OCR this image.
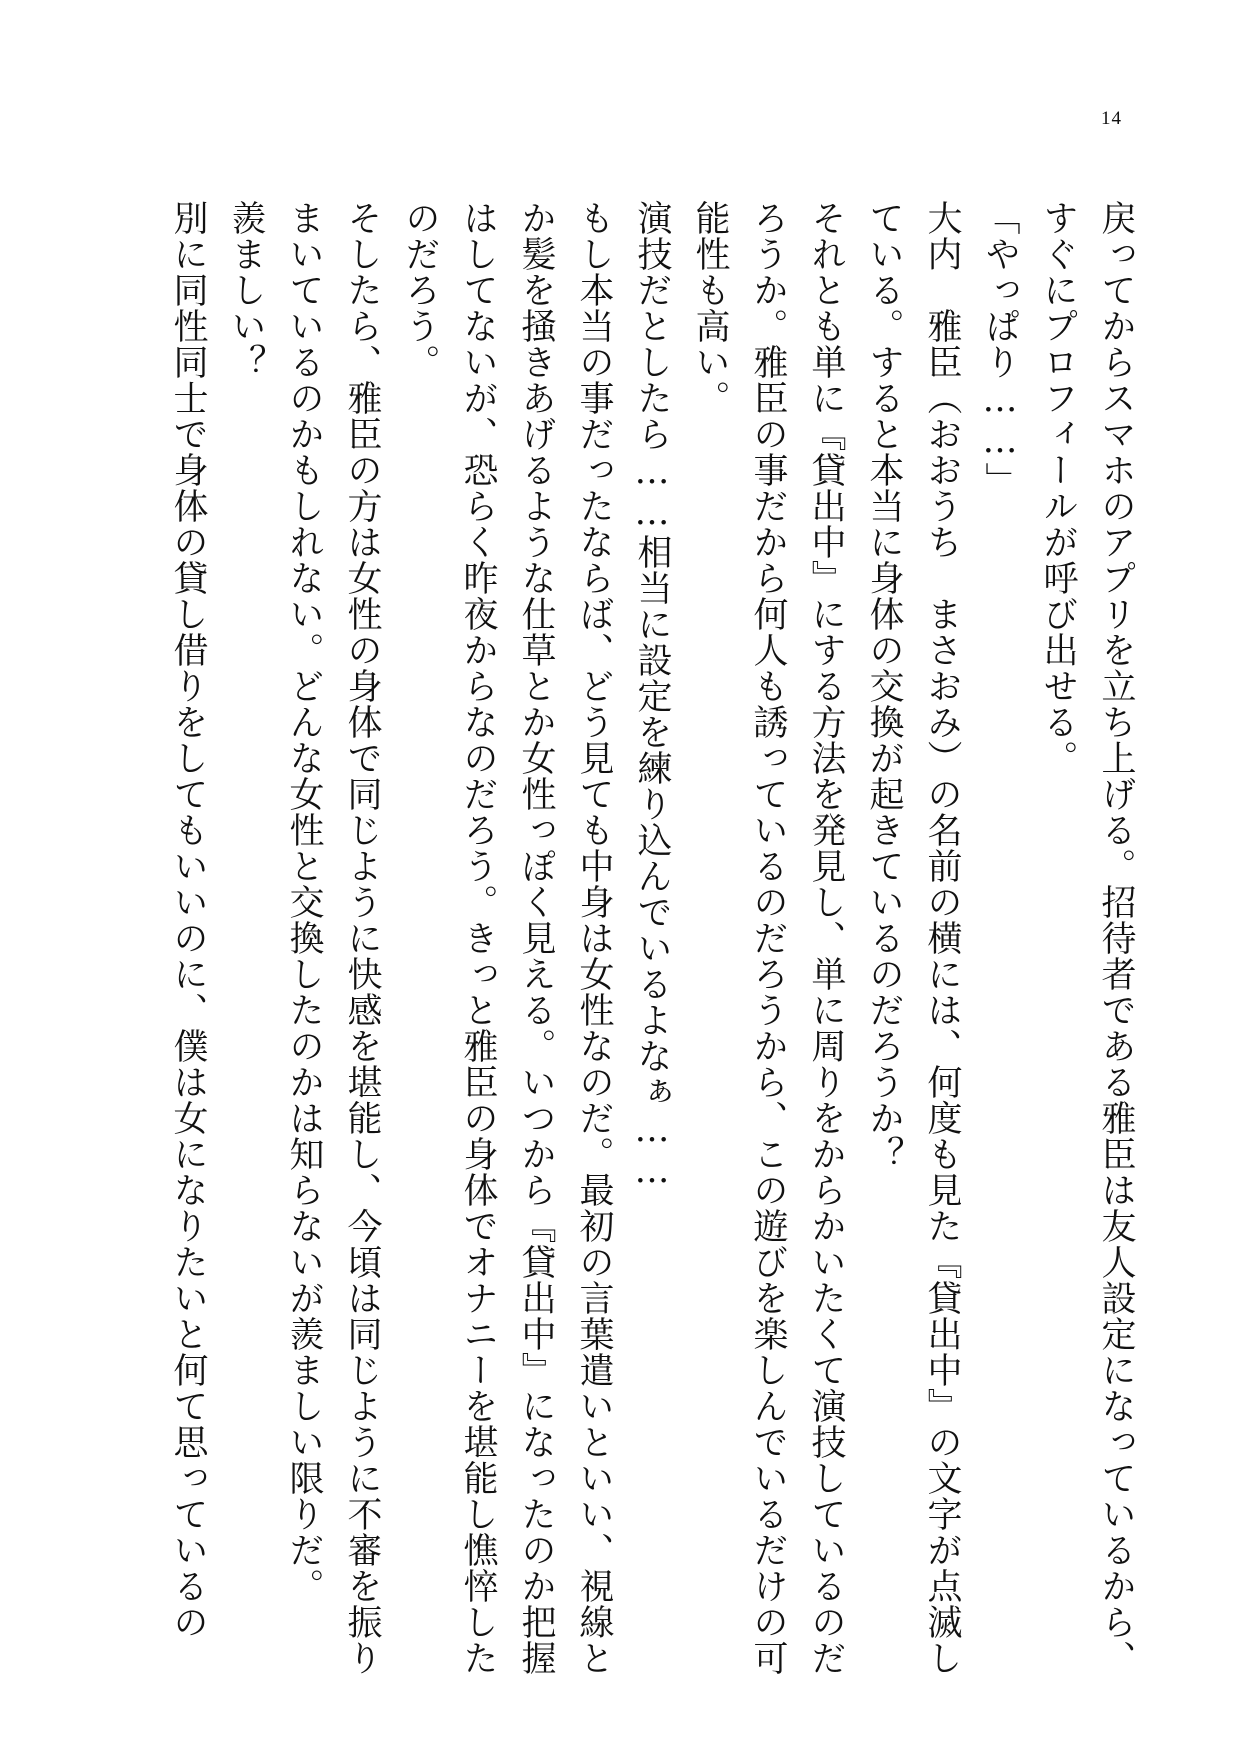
14

戻ってからスマホのアプリを立ち上げる。招待者である雅臣は友人設定になっているから、すぐにプロフィールが呼び出せる。

「やっぱり……」

大内　雅臣（おおうち　まさおみ）の名前の横には、何度も見た『貸出中』の文字が点滅している。すると本当に身体の交換が起きているのだろうか？

それとも単に『貸出中』にする方法を発見し、単に周りをからかいたくて演技しているのだろうか。雅臣の事だから何人も誘っているのだろうから、この遊びを楽しんでいるだけの可能性も高い。

演技だとしたら……相当に設定を練り込んでいるよなぁ……

もし本当の事だったならば、どう見ても中身は女性なのだ。最初の言葉遣いといい、視線とか髪を掻きあげるような仕草とか女性っぽく見える。いつから『貸出中』になったのか把握はしてないが、恐らく昨夜からなのだろう。きっと雅臣の身体でオナニーを堪能し憔悴したのだろう。

そしたら、雅臣の方は女性の身体で同じように快感を堪能し、今頃は同じように不審を振りまいているのかもしれない。どんな女性と交換したのかは知らないが羨ましい限りだ。

羨ましい？

別に同性同士で身体の貸し借りをしてもいいのに、僕は女になりたいと何て思っているの
